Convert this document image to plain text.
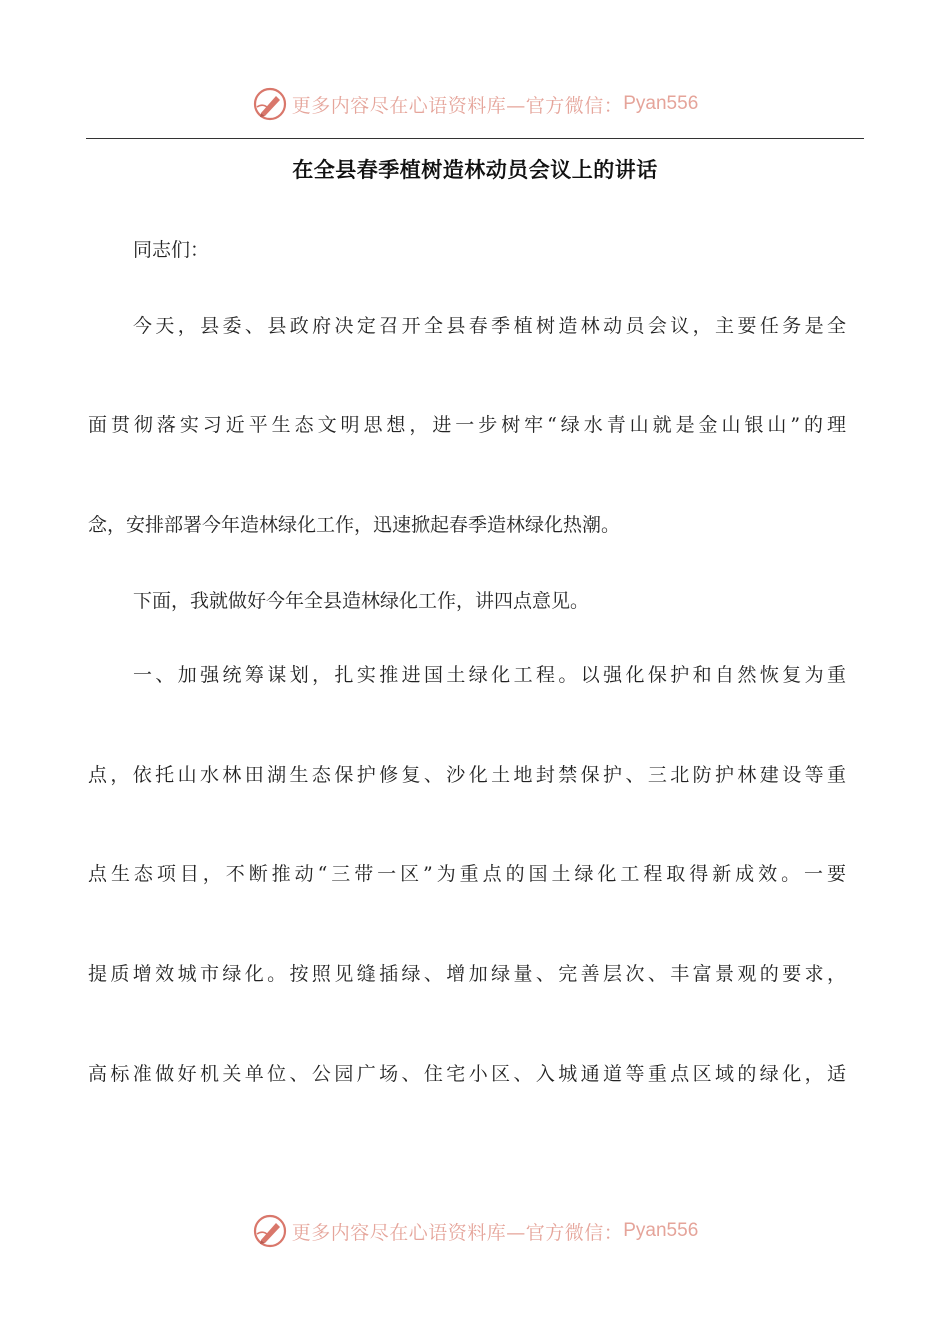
更多内容尽在心语资料库—官方微信： Pyan556
在全县春季植树造林动员会议上的讲话
同志们：
今天，县委、县政府决定召开全县春季植树造林动员会议，主要任务是全
面贯彻落实习近平生态文明思想，进一步树牢“绿水青山就是金山银山”的理
念，安排部署今年造林绿化工作，迅速掀起春季造林绿化热潮。
下面，我就做好今年全县造林绿化工作，讲四点意见。
一、加强统筹谋划，扎实推进国土绿化工程。以强化保护和自然恢复为重
点，依托山水林田湖生态保护修复、沙化土地封禁保护、三北防护林建设等重
点生态项目，不断推动“三带一区”为重点的国土绿化工程取得新成效。一要
提质增效城市绿化。按照见缝插绿、增加绿量、完善层次、丰富景观的要求，
高标准做好机关单位、公园广场、住宅小区、入城通道等重点区域的绿化，适
更多内容尽在心语资料库—官方微信： Pyan556
